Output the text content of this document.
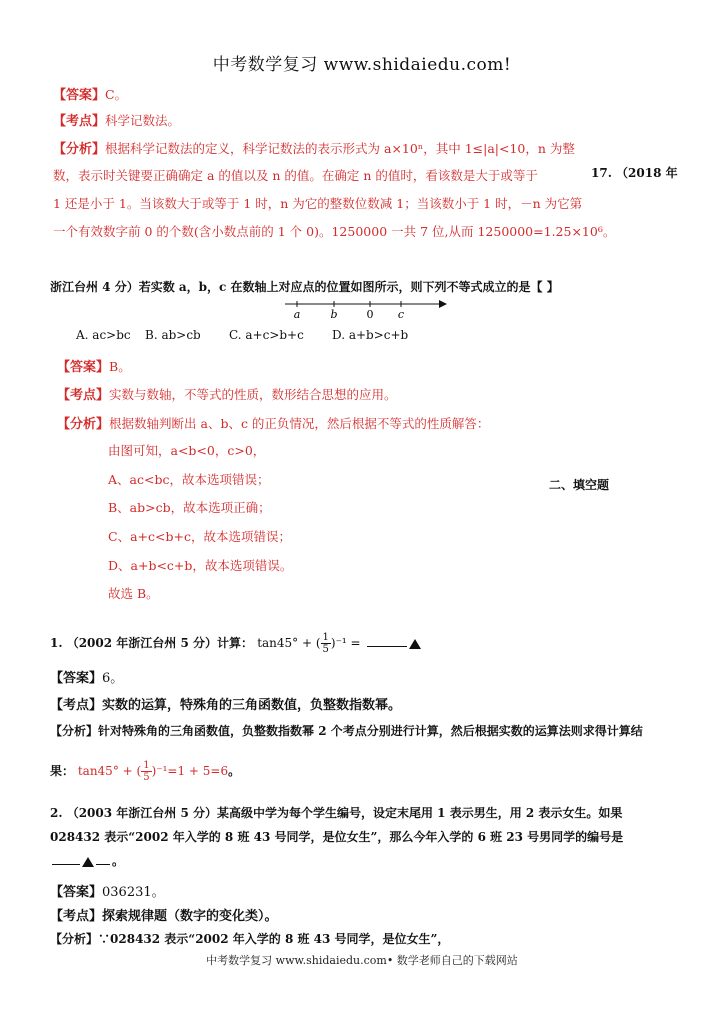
中考数学复习 www.shidaiedu.com!
【答案】C。
【考点】科学记数法。
【分析】根据科学记数法的定义，科学记数法的表示形式为 a×10ⁿ，其中 1≤|a|<10，n 为整
数，表示时关键要正确确定 a 的值以及 n 的值。在确定 n 的值时，看该数是大于或等于
1 还是小于 1。当该数大于或等于 1 时，n 为它的整数位数减 1；当该数小于 1 时，－n 为它第
一个有效数字前 0 的个数(含小数点前的 1 个 0)。1250000 一共 7 位,从而 1250000=1.25×10⁶。
17. （2018 年
浙江台州 4 分）若实数 a，b，c 在数轴上对应点的位置如图所示，则下列不等式成立的是【 】
a	b	0 c
A. ac>bc B. ab>cb C. a+c>b+c D. a+b>c+b
【答案】B。
【考点】实数与数轴，不等式的性质，数形结合思想的应用。
【分析】根据数轴判断出 a、b、c 的正负情况，然后根据不等式的性质解答：
由图可知，a<b<0，c>0，
A、ac<bc，故本选项错误；
B、ab>cb，故本选项正确；
C、a+c<b+c，故本选项错误；
D、a+b<c+b，故本选项错误。
故选 B。
二、填空题
1. （2002 年浙江台州 5 分）计算： tan45° + ( $\frac{1}{5} )^{-1}$ =
【答案】6。
【考点】实数的运算，特殊角的三角函数值，负整数指数幂。
【分析】针对特殊角的三角函数值，负整数指数幂 2 个考点分别进行计算，然后根据实数的运算法则求得计算结
果： tan45° + ( $\frac{1}{5} )^{-1}=1 + 5=6$。
2. （2003 年浙江台州 5 分）某高级中学为每个学生编号，设定末尾用 1 表示男生，用 2 表示女生。如果
028432 表示“2002 年入学的 8 班 43 号同学，是位女生”，那么今年入学的 6 班 23 号男同学的编号是
。
【答案】036231。
【考点】探索规律题（数字的变化类）。
【分析】∵028432 表示“2002 年入学的 8 班 43 号同学，是位女生”，
中考数学复习 www.shidaiedu.com• 数学老师自己的下载网站
